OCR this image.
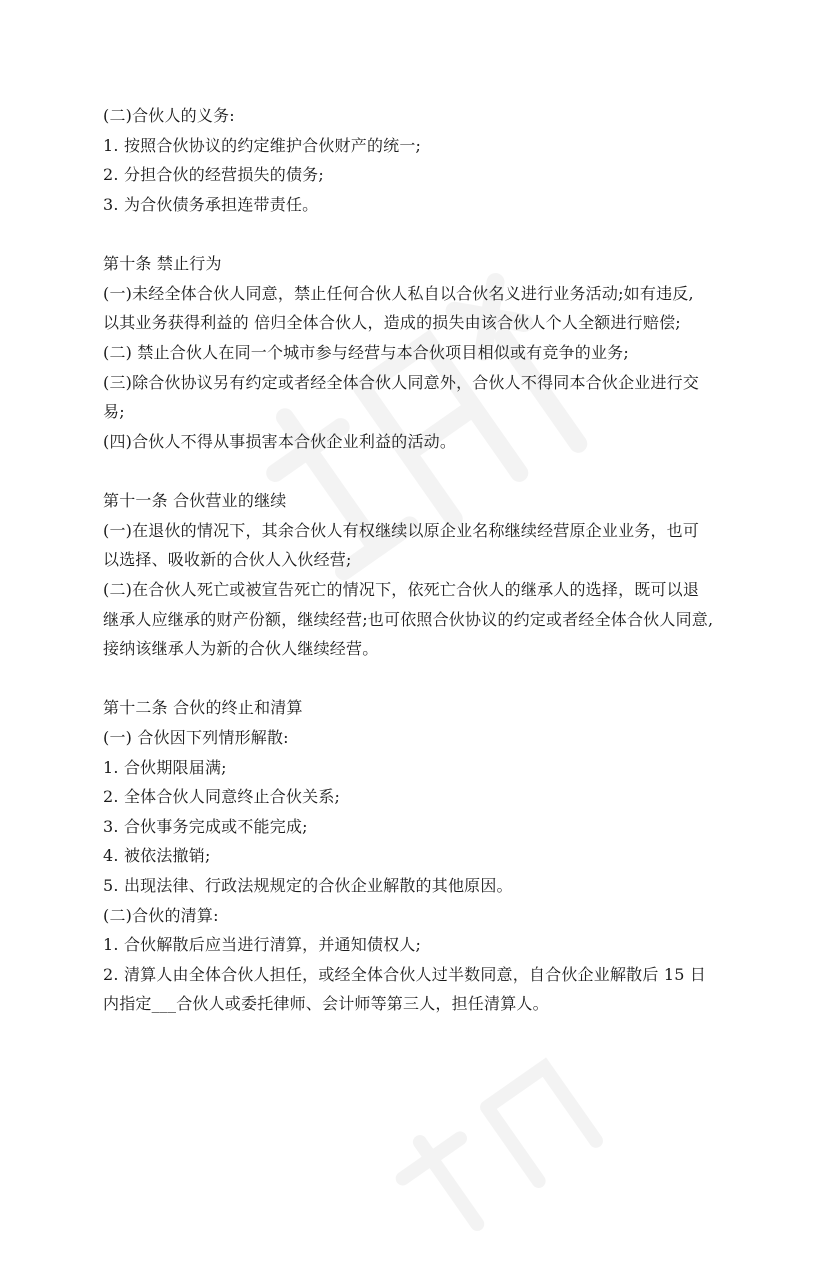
(二)合伙人的义务:
1. 按照合伙协议的约定维护合伙财产的统一;
2. 分担合伙的经营损失的债务;
3. 为合伙债务承担连带责任。
第十条 禁止行为
(一)未经全体合伙人同意，禁止任何合伙人私自以合伙名义进行业务活动;如有违反,
以其业务获得利益的 倍归全体合伙人，造成的损失由该合伙人个人全额进行赔偿;
(二) 禁止合伙人在同一个城市参与经营与本合伙项目相似或有竞争的业务;
(三)除合伙协议另有约定或者经全体合伙人同意外，合伙人不得同本合伙企业进行交
易;
(四)合伙人不得从事损害本合伙企业利益的活动。
第十一条 合伙营业的继续
(一)在退伙的情况下，其余合伙人有权继续以原企业名称继续经营原企业业务，也可
以选择、吸收新的合伙人入伙经营;
(二)在合伙人死亡或被宣告死亡的情况下，依死亡合伙人的继承人的选择，既可以退
继承人应继承的财产份额，继续经营;也可依照合伙协议的约定或者经全体合伙人同意,
接纳该继承人为新的合伙人继续经营。
第十二条 合伙的终止和清算
(一) 合伙因下列情形解散:
1. 合伙期限届满;
2. 全体合伙人同意终止合伙关系;
3. 合伙事务完成或不能完成;
4. 被依法撤销;
5. 出现法律、行政法规规定的合伙企业解散的其他原因。
(二)合伙的清算:
1. 合伙解散后应当进行清算，并通知债权人;
2. 清算人由全体合伙人担任，或经全体合伙人过半数同意，自合伙企业解散后 15 日
内指定___合伙人或委托律师、会计师等第三人，担任清算人。
